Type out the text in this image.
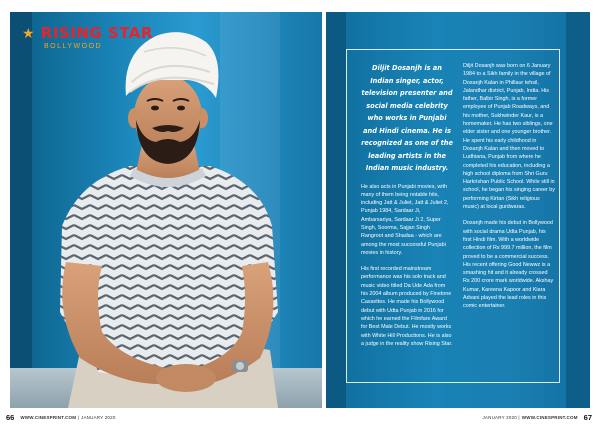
★ RISING STAR
BOLLYWOOD

Diljit Dosanjh is an Indian singer, actor, television presenter and social media celebrity who works in Punjabi and Hindi cinema. He is recognized as one of the leading artists in the Indian music industry.

He also acts in Punjabi movies, with many of them being notable hits, including Jatt & Juliet, Jatt & Juliet 2, Punjab 1984, Sardaar Ji, Ambarsariya, Sardaar Ji 2, Super Singh, Soorma, Sajjan Singh Rangroot and Shadaa - which are among the most successful Punjabi movies in history.

His first recorded mainstream performance was his solo track and music video titled Da Ude Ada from his 2004 album produced by Finetone Cassettes. He made his Bollywood debut with Udta Punjab in 2016 for which he earned the Filmfare Award for Best Male Debut. He mostly works with White Hill Productions. He is also a judge in the reality show Rising Star.

Diljit Dosanjh was born on 6 January 1984 to a Sikh family in the village of Dosanjh Kalan in Phillaur tehsil, Jalandhar district, Punjab, India. His father, Balbir Singh, is a former employee of Punjab Roadways, and his mother, Sukhwinder Kaur, is a homemaker. He has two siblings, one elder sister and one younger brother. He spent his early childhood in Dosanjh Kalan and then moved to Ludhiana, Punjab from where he completed his education, including a high school diploma from Shri Guru Harkrishan Public School. While still in school, he began his singing career by performing Kirtan (Sikh religious music) at local gurdwaras.

Dosanjh made his debut in Bollywood with social drama Udta Punjab, his first Hindi film. With a worldwide collection of Rs 999.7 million, the film proved to be a commercial success. His recent offering Good Newwz is a smashing hit and it already crossed Rs 200 crore mark worldwide. Akshay Kumar, Kareena Kapoor and Kiara Advani played the lead roles in this comic entertainer.

66 WWW.CINESPRINT.COM | JANUARY 2020	JANUARY 2020 | WWW.CINESPRINT.COM 67
